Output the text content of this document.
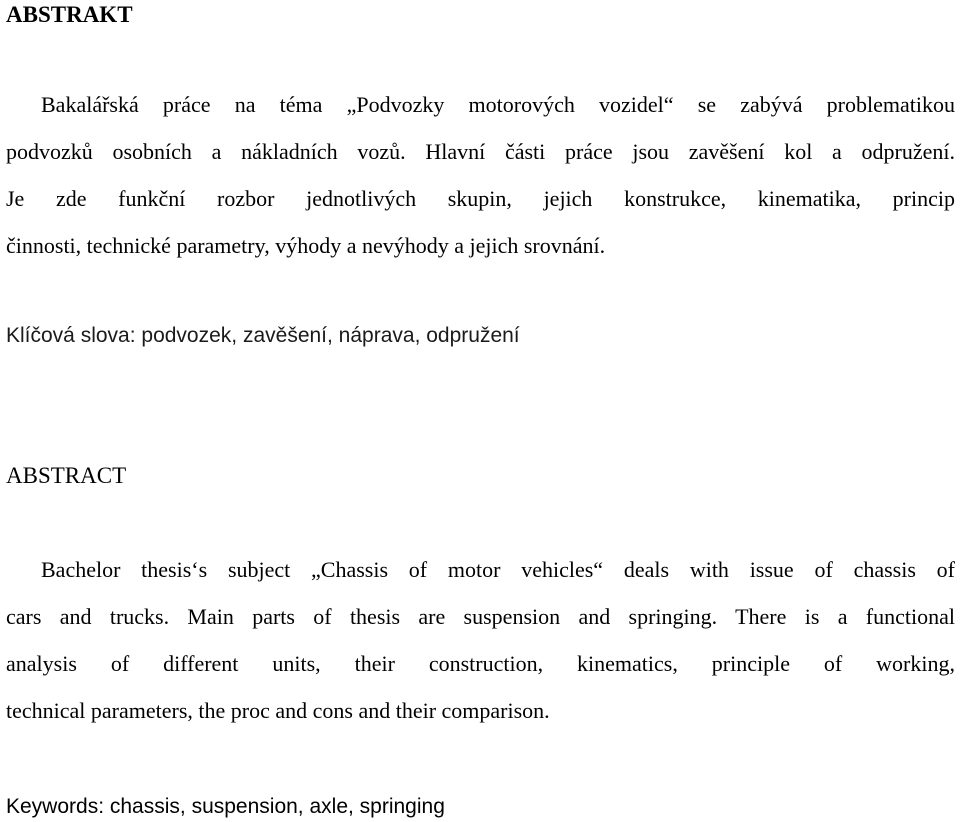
ABSTRAKT
Bakalářská práce na téma „Podvozky motorových vozidel“ se zabývá problematikou
podvozků osobních a nákladních vozů. Hlavní části práce jsou zavěšení kol a odpružení.
Je zde funkční rozbor jednotlivých skupin, jejich konstrukce, kinematika, princip
činnosti, technické parametry, výhody a nevýhody a jejich srovnání.
Klíčová slova: podvozek, zavěšení, náprava, odpružení
ABSTRACT
Bachelor thesis‘s subject „Chassis of motor vehicles“ deals with issue of chassis of
cars and trucks. Main parts of thesis are suspension and springing. There is a functional
analysis of different units, their construction, kinematics, principle of working,
technical parameters, the proc and cons and their comparison.
Keywords: chassis, suspension, axle, springing
